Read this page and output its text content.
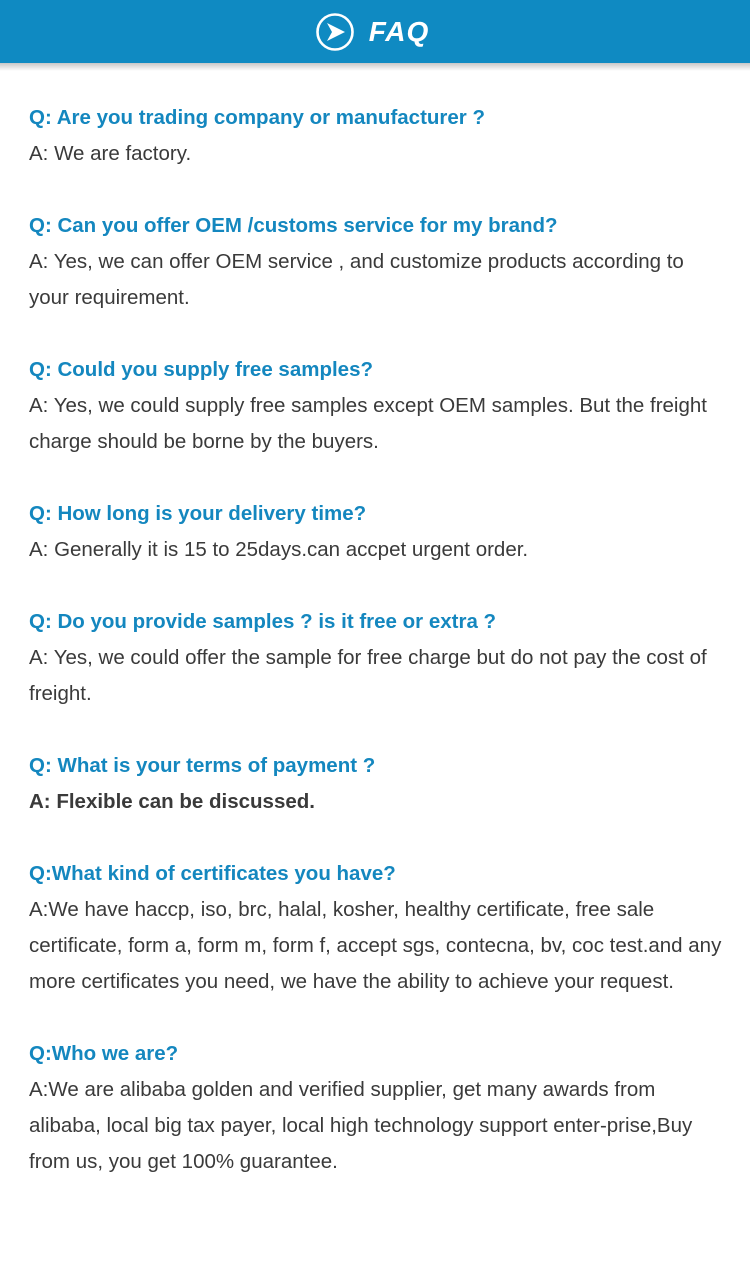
FAQ
Q: Are you trading company or manufacturer ?
A: We are factory.
Q: Can you offer OEM /customs service for my brand?
A: Yes, we can offer OEM service , and customize products according to your requirement.
Q: Could you supply free samples?
A: Yes, we could supply free samples except OEM samples. But the freight charge should be borne by the buyers.
Q: How long is your delivery time?
A: Generally it is 15 to 25days.can accpet urgent order.
Q: Do you provide samples ? is it free or extra ?
A: Yes, we could offer the sample for free charge but do not pay the cost of freight.
Q: What is your terms of payment ?
A: Flexible can be discussed.
Q:What kind of certificates you have?
A:We have haccp, iso, brc, halal, kosher, healthy certificate, free sale certificate, form a, form m, form f, accept sgs, contecna, bv, coc test.and any more certificates you need, we have the ability to achieve your request.
Q:Who we are?
A:We are alibaba golden and verified supplier, get many awards from alibaba, local big tax payer, local high technology support enter-prise,Buy from us, you get 100% guarantee.
